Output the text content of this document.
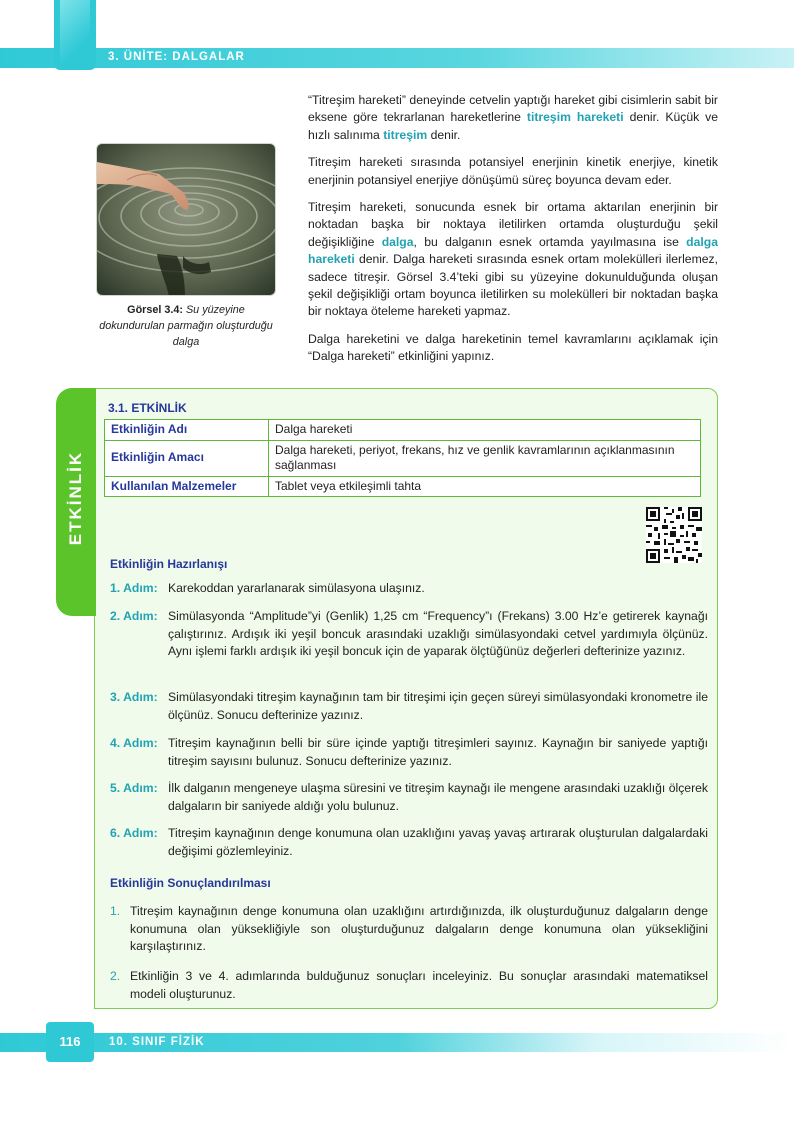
3. ÜNİTE: DALGALAR
Görsel 3.4: Su yüzeyine dokundurulan parmağın oluşturduğu dalga

“Titreşim hareketi” deneyinde cetvelin yaptığı hareket gibi cisimlerin sabit bir eksene göre tekrarlanan hareketlerine titreşim hareketi denir. Küçük ve hızlı salınıma titreşim denir.

Titreşim hareketi sırasında potansiyel enerjinin kinetik enerjiye, kinetik enerjinin potansiyel enerjiye dönüşümü süreç boyunca devam eder.

Titreşim hareketi, sonucunda esnek bir ortama aktarılan enerjinin bir noktadan başka bir noktaya iletilirken ortamda oluşturduğu şekil değişikliğine dalga, bu dalganın esnek ortamda yayılmasına ise dalga hareketi denir. Dalga hareketi sırasında esnek ortam molekülleri ilerlemez, sadece titreşir. Görsel 3.4’teki gibi su yüzeyine dokunulduğunda oluşan şekil değişikliği ortam boyunca iletilirken su molekülleri bir noktadan başka bir noktaya öteleme hareketi yapmaz.

Dalga hareketini ve dalga hareketinin temel kavramlarını açıklamak için “Dalga hareketi” etkinliğini yapınız.

ETKİNLİK
3.1. ETKİNLİK
Etkinliğin Adı	Dalga hareketi
Etkinliğin Amacı	Dalga hareketi, periyot, frekans, hız ve genlik kavramlarının açıklanmasının sağlanması
Kullanılan Malzemeler	Tablet veya etkileşimli tahta
Etkinliğin Hazırlanışı
1. Adım: Karekoddan yararlanarak simülasyona ulaşınız.
2. Adım: Simülasyonda “Amplitude”yi (Genlik) 1,25 cm “Frequency”ı (Frekans) 3.00 Hz’e getirerek kaynağı çalıştırınız. Ardışık iki yeşil boncuk arasındaki uzaklığı simülasyondaki cetvel yardımıyla ölçünüz. Aynı işlemi farklı ardışık iki yeşil boncuk için de yaparak ölçtüğünüz değerleri defterinize yazınız.
3. Adım: Simülasyondaki titreşim kaynağının tam bir titreşimi için geçen süreyi simülasyondaki kronometre ile ölçünüz. Sonucu defterinize yazınız.
4. Adım: Titreşim kaynağının belli bir süre içinde yaptığı titreşimleri sayınız. Kaynağın bir saniyede yaptığı titreşim sayısını bulunuz. Sonucu defterinize yazınız.
5. Adım: İlk dalganın mengeneye ulaşma süresini ve titreşim kaynağı ile mengene arasındaki uzaklığı ölçerek dalgaların bir saniyede aldığı yolu bulunuz.
6. Adım: Titreşim kaynağının denge konumuna olan uzaklığını yavaş yavaş artırarak oluşturulan dalgalardaki değişimi gözlemleyiniz.
Etkinliğin Sonuçlandırılması
1. Titreşim kaynağının denge konumuna olan uzaklığını artırdığınızda, ilk oluşturduğunuz dalgaların denge konumuna olan yüksekliğiyle son oluşturduğunuz dalgaların denge konumuna olan yüksekliğini karşılaştırınız.
2. Etkinliğin 3 ve 4. adımlarında bulduğunuz sonuçları inceleyiniz. Bu sonuçlar arasındaki matematiksel modeli oluşturunuz.
116	10. SINIF FİZİK
